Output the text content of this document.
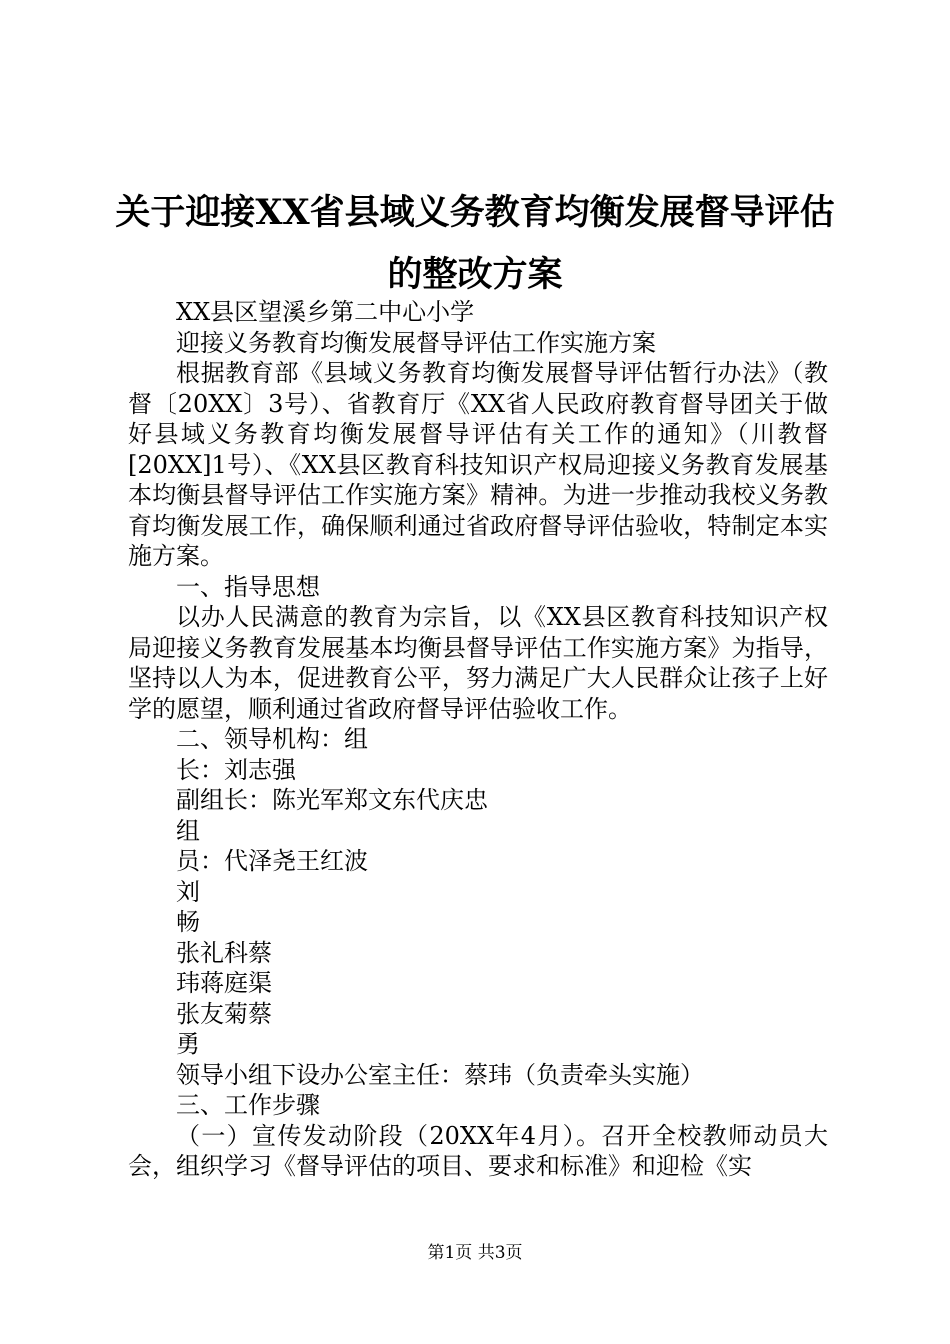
关于迎接XX省县域义务教育均衡发展督导评估的整改方案

XX县区望溪乡第二中心小学

迎接义务教育均衡发展督导评估工作实施方案

根据教育部《县域义务教育均衡发展督导评估暂行办法》（教督〔20XX〕3号）、省教育厅《XX省人民政府教育督导团关于做好县域义务教育均衡发展督导评估有关工作的通知》（川教督[20XX]1号）、《XX县区教育科技知识产权局迎接义务教育发展基本均衡县督导评估工作实施方案》精神。为进一步推动我校义务教育均衡发展工作，确保顺利通过省政府督导评估验收，特制定本实施方案。

一、指导思想

以办人民满意的教育为宗旨，以《XX县区教育科技知识产权局迎接义务教育发展基本均衡县督导评估工作实施方案》为指导，坚持以人为本，促进教育公平，努力满足广大人民群众让孩子上好学的愿望，顺利通过省政府督导评估验收工作。

二、领导机构：组

长：刘志强

副组长：陈光军郑文东代庆忠

组

员：代泽尧王红波

刘

畅

张礼科蔡

玮蒋庭渠

张友菊蔡

勇

领导小组下设办公室主任：蔡玮（负责牵头实施）

三、工作步骤

（一）宣传发动阶段（20XX年4月）。召开全校教师动员大会，组织学习《督导评估的项目、要求和标准》和迎检《实

第1页 共3页
